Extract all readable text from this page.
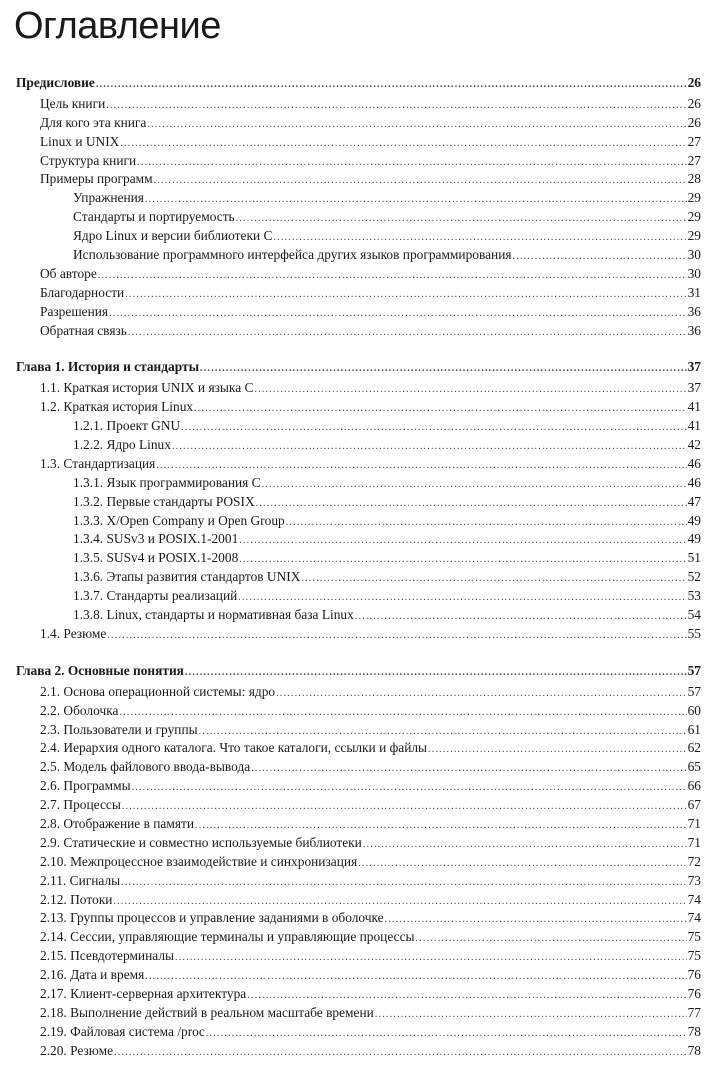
Оглавление
Предисловие .....	26
Цель книги .....	26
Для кого эта книга .....	26
Linux и UNIX .....	27
Структура книги .....	27
Примеры программ .....	28
Упражнения .....	29
Стандарты и портируемость .....	29
Ядро Linux и версии библиотеки C .....	29
Использование программного интерфейса других языков программирования .....	30
Об авторе .....	30
Благодарности .....	31
Разрешения .....	36
Обратная связь .....	36
Глава 1. История и стандарты .....	37
1.1. Краткая история UNIX и языка C .....	37
1.2. Краткая история Linux .....	41
1.2.1. Проект GNU .....	41
1.2.2. Ядро Linux .....	42
1.3. Стандартизация .....	46
1.3.1. Язык программирования C .....	46
1.3.2. Первые стандарты POSIX .....	47
1.3.3. X/Open Company и Open Group .....	49
1.3.4. SUSv3 и POSIX.1-2001 .....	49
1.3.5. SUSv4 и POSIX.1-2008 .....	51
1.3.6. Этапы развития стандартов UNIX .....	52
1.3.7. Стандарты реализаций .....	53
1.3.8. Linux, стандарты и нормативная база Linux .....	54
1.4. Резюме .....	55
Глава 2. Основные понятия .....	57
2.1. Основа операционной системы: ядро .....	57
2.2. Оболочка .....	60
2.3. Пользователи и группы .....	61
2.4. Иерархия одного каталога. Что такое каталоги, ссылки и файлы .....	62
2.5. Модель файлового ввода-вывода .....	65
2.6. Программы .....	66
2.7. Процессы .....	67
2.8. Отображение в памяти .....	71
2.9. Статические и совместно используемые библиотеки .....	71
2.10. Межпроцессное взаимодействие и синхронизация .....	72
2.11. Сигналы .....	73
2.12. Потоки .....	74
2.13. Группы процессов и управление заданиями в оболочке .....	74
2.14. Сессии, управляющие терминалы и управляющие процессы .....	75
2.15. Псевдотерминалы .....	75
2.16. Дата и время .....	76
2.17. Клиент-серверная архитектура .....	76
2.18. Выполнение действий в реальном масштабе времени .....	77
2.19. Файловая система /proc .....	78
2.20. Резюме .....	78
